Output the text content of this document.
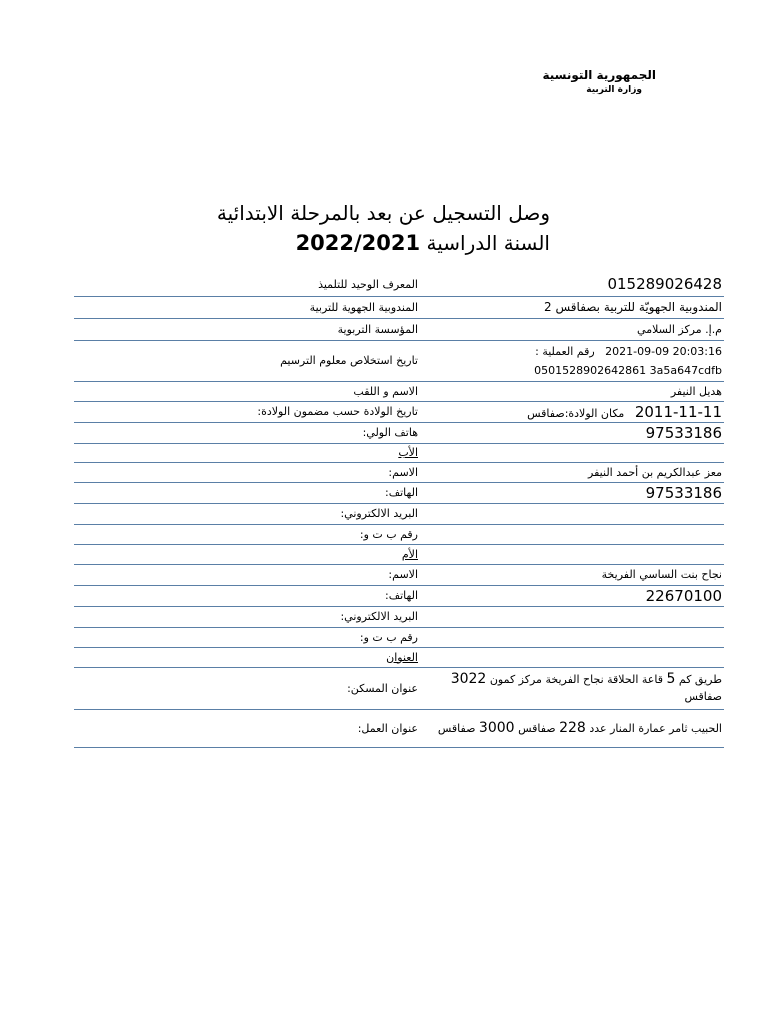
الجمهورية التونسية
وزارة التربية
وصل التسجيل عن بعد بالمرحلة الابتدائية
السنة الدراسية 2022/2021
المعرف الوحيد للتلميذ	015289026428
المندوبية الجهوية للتربية	المندوبية الجهويّة للتربية بصفاقس 2
المؤسسة التربوية	م.إ. مركز السلامي
تاريخ استخلاص معلوم الترسيم	2021-09-09 20:03:16   رقم العملية :
0501528902642861 3a5a647cdfb

الاسم و اللقب	هديل النيفر
تاريخ الولادة حسب مضمون الولادة:	2011-11-11   مكان الولادة:صفاقس
هاتف الولي:	97533186
الأب	
الاسم:	معز عبدالكريم بن أحمد النيفر
الهاتف:	97533186
البريد الالكتروني:	
رقم ب ت و:	
الأم	
الاسم:	نجاح بنت الساسي الفريخة
الهاتف:	22670100
البريد الالكتروني:	
رقم ب ت و:	
العنوان	
عنوان المسكن:	طريق كم 5 قاعة الحلاقة نجاح الفريخة مركز كمون 3022 صفاقس
عنوان العمل:	الحبيب ثامر عمارة المنار عدد 228 صفاقس 3000 صفاقس
